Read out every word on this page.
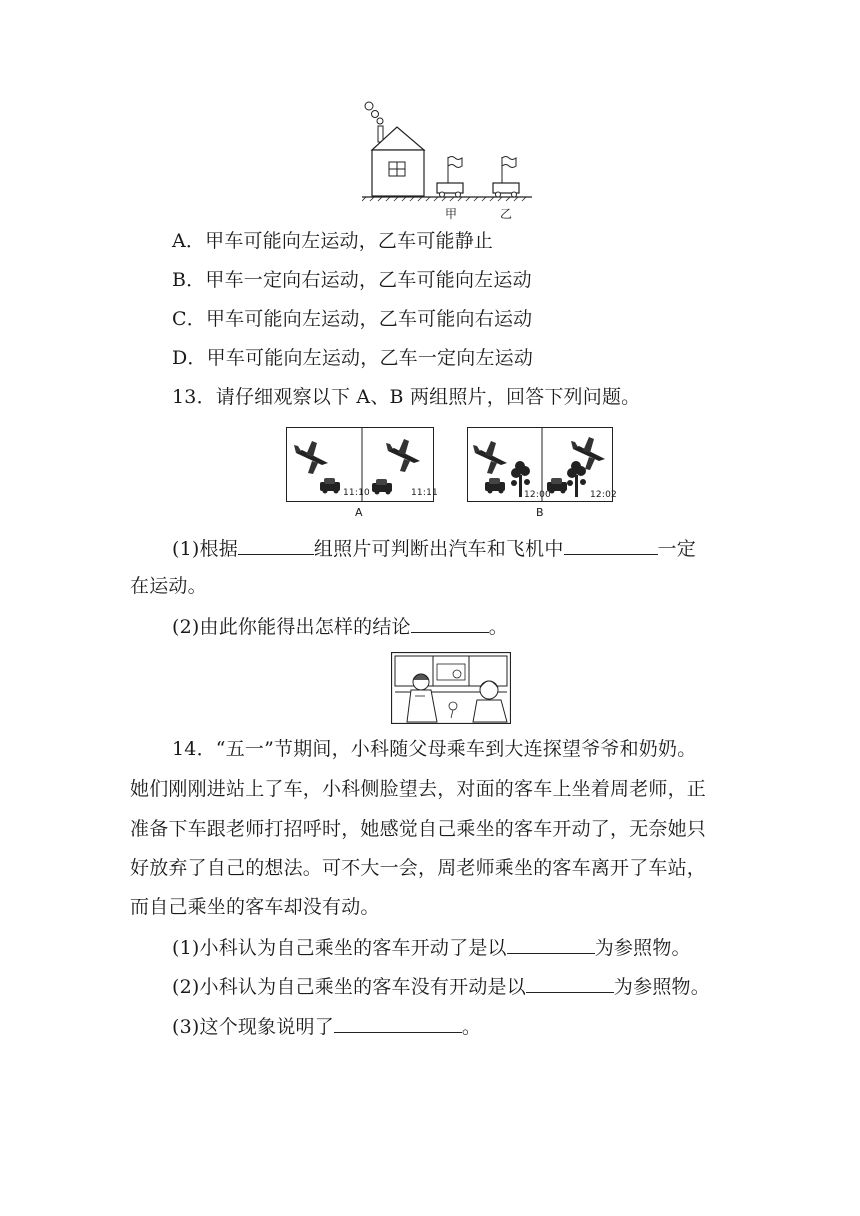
甲	乙
A．甲车可能向左运动，乙车可能静止
B．甲车一定向右运动，乙车可能向左运动
C．甲车可能向左运动，乙车可能向右运动
D．甲车可能向左运动，乙车一定向左运动
13．请仔细观察以下 A、B 两组照片，回答下列问题。
11:10	11:11
A
12:00	12:02
B
(1)根据	组照片可判断出汽车和飞机中	一定
在运动。
(2)由此你能得出怎样的结论	。
14．“五一”节期间，小科随父母乘车到大连探望爷爷和奶奶。
她们刚刚进站上了车，小科侧脸望去，对面的客车上坐着周老师，正
准备下车跟老师打招呼时，她感觉自己乘坐的客车开动了，无奈她只
好放弃了自己的想法。可不大一会，周老师乘坐的客车离开了车站，
而自己乘坐的客车却没有动。
(1)小科认为自己乘坐的客车开动了是以	为参照物。
(2)小科认为自己乘坐的客车没有开动是以	为参照物。
(3)这个现象说明了	。
